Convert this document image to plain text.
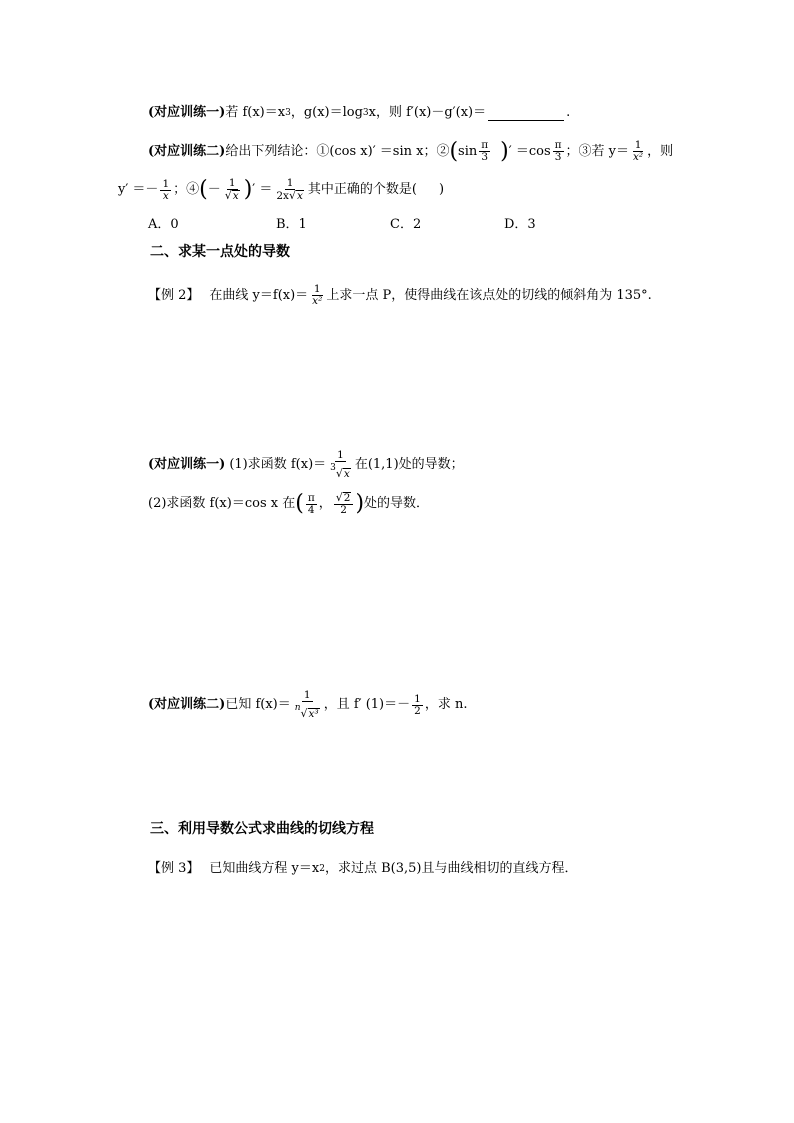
(对应训练一) 若 f(x)＝x 3 ，g(x)＝log 3 x，则 f′(x)－g′(x)＝	.
(对应训练二) 给出下列结论：①(cos x)′ ＝sin x；② ( $\sin \frac{\pi}{3}$ ) ′ $=\cos \frac{\pi}{3}$ ；③若 $y= \frac{1}{\text{x²}}$ ，则
$y' =- \frac{1}{x}$ ；④ ( － $\frac{1}{√ x}$ ) ′ ＝ $\frac{1}{2x √ x}$ 其中正确的个数是( )
A．0	B．1	C．2	D．3
二、求某一点处的导数
【例 2】 在曲线 $y=f(x)= \frac{1}{\text{x²}}$ 上求一点 P，使得曲线在该点处的切线的倾斜角为 135°.
(对应训练一) (1)求函数 $f(x)= \frac{1}{3 √ x}$ 在(1,1)处的导数；
(2)求函数 f(x)＝cos x 在 ( $\frac{\pi}{4}$ ， $\frac{√ 2}{2}$ ) 处的导数．
(对应训练二) 已知 $f(x)= \frac{1}{\text{n √ x³}}$ ，且 f′ $(1)=- \frac{1}{2}$ ，求 n.
三、利用导数公式求曲线的切线方程
【例 3】 已知曲线方程 y＝x 2 ，求过点 B(3,5)且与曲线相切的直线方程．
